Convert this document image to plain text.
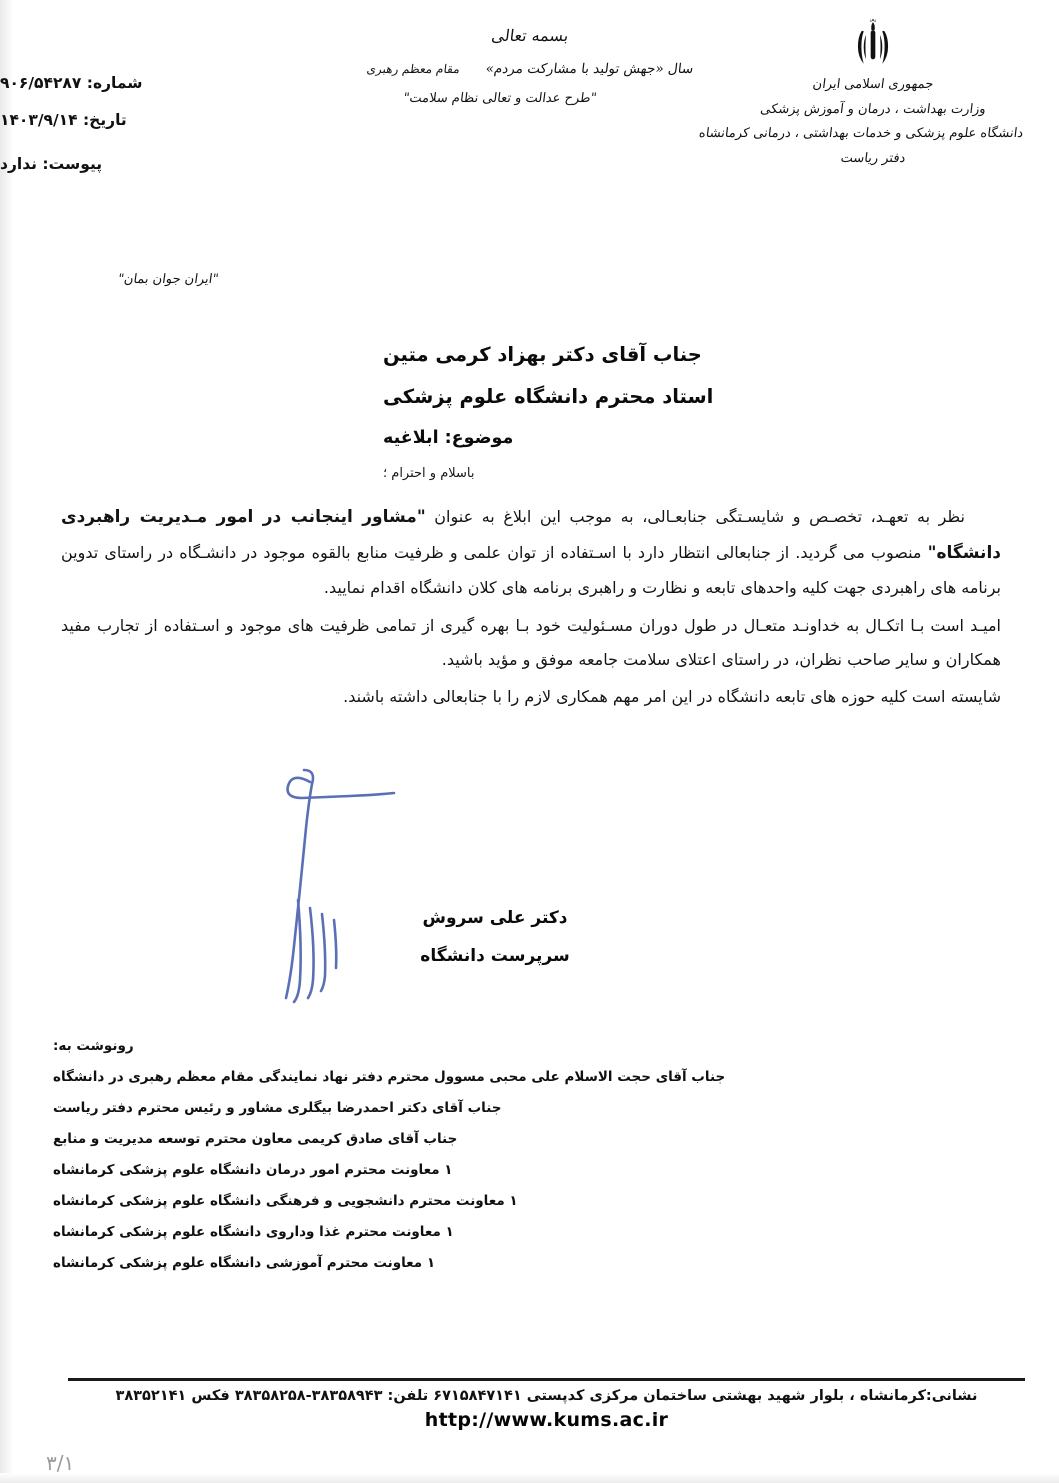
جمهوری اسلامی ایران
وزارت بهداشت ، درمان و آموزش پزشکی
دانشگاه علوم پزشکی و خدمات بهداشتی ، درمانی کرمانشاه
دفتر ریاست
بسمه تعالی
سال «جهش تولید با مشارکت مردم»مقام معظم رهبری
"طرح عدالت و تعالی نظام سلامت"
شماره: ۹۰۶/۵۴۲۸۷
تاریخ: ۱۴۰۳/۹/۱۴
پیوست: ندارد
"ایران جوان بمان"
جناب آقای دکتر بهزاد کرمی متین
استاد محترم دانشگاه علوم پزشکی
موضوع: ابلاغیه
باسلام و احترام ؛

نظر به تعهـد، تخصـص و شایسـتگی جنابعـالی، به موجب این ابلاغ به عنوان "مشاور اینجانب در امور مـدیریت راهبردی دانشگاه" منصوب می گردید. از جنابعالی انتظار دارد با اسـتفاده از توان علمی و ظرفیت منابع بالقوه موجود در دانشـگاه در راستای تدوین برنامه های راهبردی جهت کلیه واحدهای تابعه و نظارت و راهبری برنامه های کلان دانشگاه اقدام نمایید.

امیـد است بـا اتکـال به خداونـد متعـال در طول دوران مسـئولیت خود بـا بهره گیری از تمامی ظرفیت های موجود و اسـتفاده از تجارب مفید همکاران و سایر صاحب نظران، در راستای اعتلای سلامت جامعه موفق و مؤید باشید.

شایسته است کلیه حوزه های تابعه دانشگاه در این امر مهم همکاری لازم را با جنابعالی داشته باشند.

دکتر علی سروش
سرپرست دانشگاه
رونوشت به:
جناب آقای حجت الاسلام علی محبی مسوول محترم دفتر نهاد نمایندگی مقام معظم رهبری در دانشگاه
جناب آقای دکتر احمدرضا بیگلری مشاور و رئیس محترم دفتر ریاست
جناب آقای صادق کریمی معاون محترم توسعه مدیریت و منابع
۱ معاونت محترم امور درمان دانشگاه علوم پزشکی کرمانشاه
۱ معاونت محترم دانشجویی و فرهنگی دانشگاه علوم پزشکی کرمانشاه
۱ معاونت محترم غذا وداروی دانشگاه علوم پزشکی کرمانشاه
۱ معاونت محترم آموزشی دانشگاه علوم پزشکی کرمانشاه
نشانی:کرمانشاه ، بلوار شهید بهشتی ساختمان مرکزی کدپستی ۶۷۱۵۸۴۷۱۴۱ تلفن: ۳۸۳۵۸۹۴۳-۳۸۳۵۸۲۵۸ فکس ۳۸۳۵۲۱۴۱
http://www.kums.ac.ir
۳/۱
